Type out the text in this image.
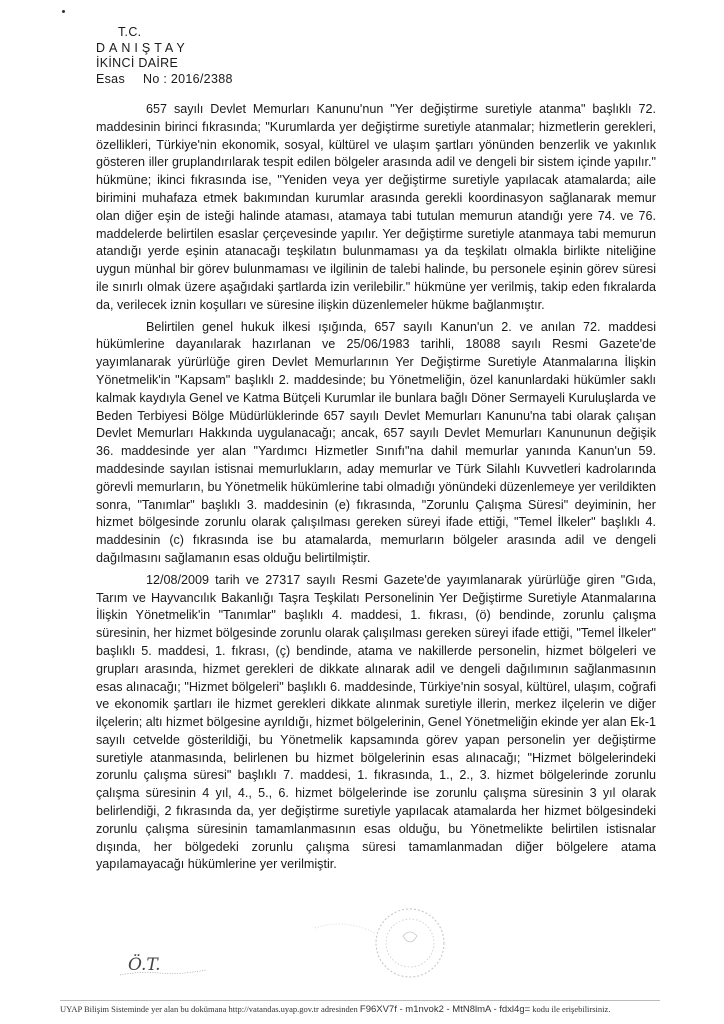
T.C.
DANIŞTAY
İKİNCİ DAİRE
Esas No : 2016/2388

657 sayılı Devlet Memurları Kanunu'nun "Yer değiştirme suretiyle atanma" başlıklı 72. maddesinin birinci fıkrasında; "Kurumlarda yer değiştirme suretiyle atanmalar; hizmetlerin gerekleri, özellikleri, Türkiye'nin ekonomik, sosyal, kültürel ve ulaşım şartları yönünden benzerlik ve yakınlık gösteren iller gruplandırılarak tespit edilen bölgeler arasında adil ve dengeli bir sistem içinde yapılır." hükmüne; ikinci fıkrasında ise, "Yeniden veya yer değiştirme suretiyle yapılacak atamalarda; aile birimini muhafaza etmek bakımından kurumlar arasında gerekli koordinasyon sağlanarak memur olan diğer eşin de isteği halinde ataması, atamaya tabi tutulan memurun atandığı yere 74. ve 76. maddelerde belirtilen esaslar çerçevesinde yapılır. Yer değiştirme suretiyle atanmaya tabi memurun atandığı yerde eşinin atanacağı teşkilatın bulunmaması ya da teşkilatı olmakla birlikte niteliğine uygun münhal bir görev bulunmaması ve ilgilinin de talebi halinde, bu personele eşinin görev süresi ile sınırlı olmak üzere aşağıdaki şartlarda izin verilebilir." hükmüne yer verilmiş, takip eden fıkralarda da, verilecek iznin koşulları ve süresine ilişkin düzenlemeler hükme bağlanmıştır.

Belirtilen genel hukuk ilkesi ışığında, 657 sayılı Kanun'un 2. ve anılan 72. maddesi hükümlerine dayanılarak hazırlanan ve 25/06/1983 tarihli, 18088 sayılı Resmi Gazete'de yayımlanarak yürürlüğe giren Devlet Memurlarının Yer Değiştirme Suretiyle Atanmalarına İlişkin Yönetmelik'in "Kapsam" başlıklı 2. maddesinde; bu Yönetmeliğin, özel kanunlardaki hükümler saklı kalmak kaydıyla Genel ve Katma Bütçeli Kurumlar ile bunlara bağlı Döner Sermayeli Kuruluşlarda ve Beden Terbiyesi Bölge Müdürlüklerinde 657 sayılı Devlet Memurları Kanunu'na tabi olarak çalışan Devlet Memurları Hakkında uygulanacağı; ancak, 657 sayılı Devlet Memurları Kanununun değişik 36. maddesinde yer alan "Yardımcı Hizmetler Sınıfı"na dahil memurlar yanında Kanun'un 59. maddesinde sayılan istisnai memurlukların, aday memurlar ve Türk Silahlı Kuvvetleri kadrolarında görevli memurların, bu Yönetmelik hükümlerine tabi olmadığı yönündeki düzenlemeye yer verildikten sonra, "Tanımlar" başlıklı 3. maddesinin (e) fıkrasında, "Zorunlu Çalışma Süresi" deyiminin, her hizmet bölgesinde zorunlu olarak çalışılması gereken süreyi ifade ettiği, "Temel İlkeler" başlıklı 4. maddesinin (c) fıkrasında ise bu atamalarda, memurların bölgeler arasında adil ve dengeli dağılmasını sağlamanın esas olduğu belirtilmiştir.

12/08/2009 tarih ve 27317 sayılı Resmi Gazete'de yayımlanarak yürürlüğe giren "Gıda, Tarım ve Hayvancılık Bakanlığı Taşra Teşkilatı Personelinin Yer Değiştirme Suretiyle Atanmalarına İlişkin Yönetmelik'in "Tanımlar" başlıklı 4. maddesi, 1. fıkrası, (ö) bendinde, zorunlu çalışma süresinin, her hizmet bölgesinde zorunlu olarak çalışılması gereken süreyi ifade ettiği, "Temel İlkeler" başlıklı 5. maddesi, 1. fıkrası, (ç) bendinde, atama ve nakillerde personelin, hizmet bölgeleri ve grupları arasında, hizmet gerekleri de dikkate alınarak adil ve dengeli dağılımının sağlanmasının esas alınacağı; "Hizmet bölgeleri" başlıklı 6. maddesinde, Türkiye'nin sosyal, kültürel, ulaşım, coğrafi ve ekonomik şartları ile hizmet gerekleri dikkate alınmak suretiyle illerin, merkez ilçelerin ve diğer ilçelerin; altı hizmet bölgesine ayrıldığı, hizmet bölgelerinin, Genel Yönetmeliğin ekinde yer alan Ek-1 sayılı cetvelde gösterildiği, bu Yönetmelik kapsamında görev yapan personelin yer değiştirme suretiyle atanmasında, belirlenen bu hizmet bölgelerinin esas alınacağı; "Hizmet bölgelerindeki zorunlu çalışma süresi" başlıklı 7. maddesi, 1. fıkrasında, 1., 2., 3. hizmet bölgelerinde zorunlu çalışma süresinin 4 yıl, 4., 5., 6. hizmet bölgelerinde ise zorunlu çalışma süresinin 3 yıl olarak belirlendiği, 2 fıkrasında da, yer değiştirme suretiyle yapılacak atamalarda her hizmet bölgesindeki zorunlu çalışma süresinin tamamlanmasının esas olduğu, bu Yönetmelikte belirtilen istisnalar dışında, her bölgedeki zorunlu çalışma süresi tamamlanmadan diğer bölgelere atama yapılamayacağı hükümlerine yer verilmiştir.

Ö.T.
UYAP Bilişim Sisteminde yer alan bu dokümana http://vatandas.uyap.gov.tr adresinden F96XV7f - m1nvok2 - MtN8lmA - fdxl4g= kodu ile erişebilirsiniz.
